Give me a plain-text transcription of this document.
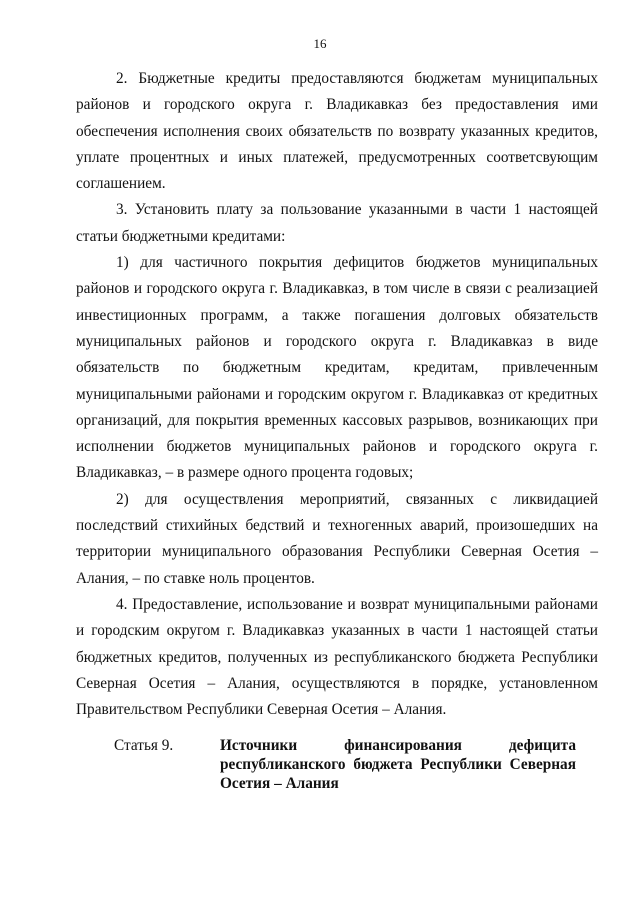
16

2. Бюджетные кредиты предоставляются бюджетам муниципальных районов и городского округа г. Владикавказ без предоставления ими обеспечения исполнения своих обязательств по возврату указанных кредитов, уплате процентных и иных платежей, предусмотренных соответсвующим соглашением.

3. Установить плату за пользование указанными в части 1 настоящей статьи бюджетными кредитами:

1) для частичного покрытия дефицитов бюджетов муниципальных районов и городского округа г. Владикавказ, в том числе в связи с реализацией инвестиционных программ, а также погашения долговых обязательств муниципальных районов и городского округа г. Владикавказ в виде обязательств по бюджетным кредитам, кредитам, привлеченным муниципальными районами и городским округом г. Владикавказ от кредитных организаций, для покрытия временных кассовых разрывов, возникающих при исполнении бюджетов муниципальных районов и городского округа г. Владикавказ, – в размере одного процента годовых;

2) для осуществления мероприятий, связанных с ликвидацией последствий стихийных бедствий и техногенных аварий, произошедших на территории муниципального образования Республики Северная Осетия – Алания, – по ставке ноль процентов.

4. Предоставление, использование и возврат муниципальными районами и городским округом г. Владикавказ указанных в части 1 настоящей статьи бюджетных кредитов, полученных из республиканского бюджета Республики Северная Осетия – Алания, осуществляются в порядке, установленном Правительством Республики Северная Осетия – Алания.

Статья 9.	Источники финансирования дефицита республиканского бюджета Республики Северная Осетия – Алания
